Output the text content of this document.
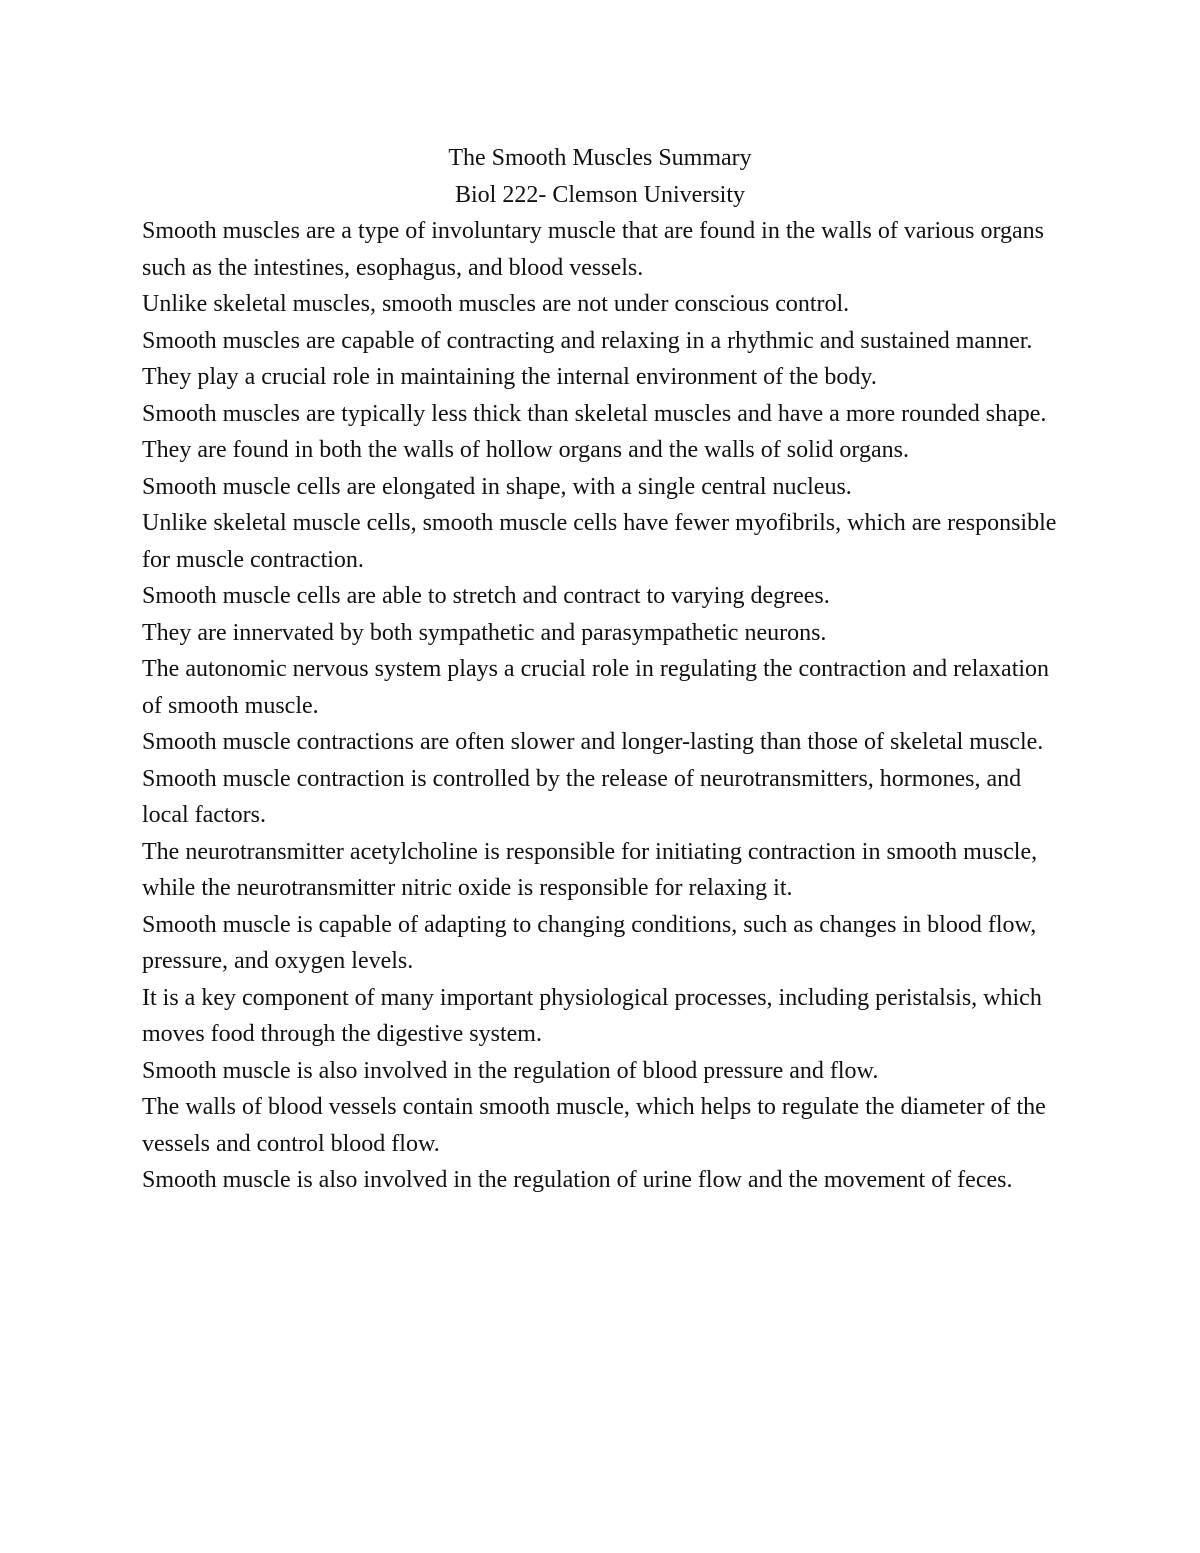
The Smooth Muscles Summary
Biol 222- Clemson University

Smooth muscles are a type of involuntary muscle that are found in the walls of various organs such as the intestines, esophagus, and blood vessels.

Unlike skeletal muscles, smooth muscles are not under conscious control.

Smooth muscles are capable of contracting and relaxing in a rhythmic and sustained manner.

They play a crucial role in maintaining the internal environment of the body.

Smooth muscles are typically less thick than skeletal muscles and have a more rounded shape.

They are found in both the walls of hollow organs and the walls of solid organs.

Smooth muscle cells are elongated in shape, with a single central nucleus.

Unlike skeletal muscle cells, smooth muscle cells have fewer myofibrils, which are responsible for muscle contraction.

Smooth muscle cells are able to stretch and contract to varying degrees.

They are innervated by both sympathetic and parasympathetic neurons.

The autonomic nervous system plays a crucial role in regulating the contraction and relaxation of smooth muscle.

Smooth muscle contractions are often slower and longer-lasting than those of skeletal muscle.

Smooth muscle contraction is controlled by the release of neurotransmitters, hormones, and local factors.

The neurotransmitter acetylcholine is responsible for initiating contraction in smooth muscle, while the neurotransmitter nitric oxide is responsible for relaxing it.

Smooth muscle is capable of adapting to changing conditions, such as changes in blood flow, pressure, and oxygen levels.

It is a key component of many important physiological processes, including peristalsis, which moves food through the digestive system.

Smooth muscle is also involved in the regulation of blood pressure and flow.

The walls of blood vessels contain smooth muscle, which helps to regulate the diameter of the vessels and control blood flow.

Smooth muscle is also involved in the regulation of urine flow and the movement of feces.
